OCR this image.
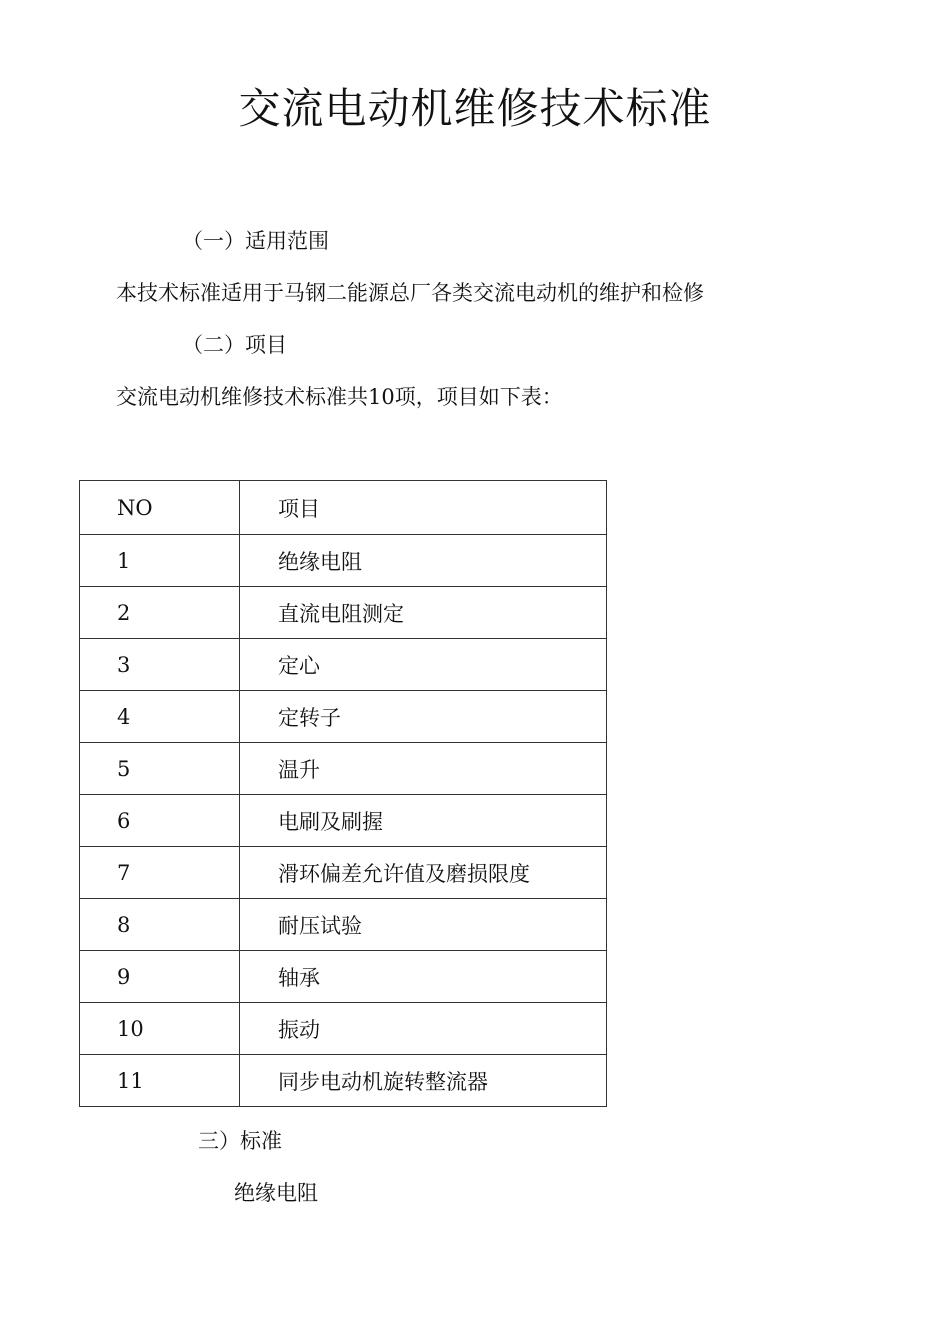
交流电动机维修技术标准

（一）适用范围

本技术标准适用于马钢二能源总厂各类交流电动机的维护和检修

（二）项目

交流电动机维修技术标准共10项，项目如下表：

NO	项目
1	绝缘电阻
2	直流电阻测定
3	定心
4	定转子
5	温升
6	电刷及刷握
7	滑环偏差允许值及磨损限度
8	耐压试验
9	轴承
10	振动
11	同步电动机旋转整流器

三）标准

绝缘电阻
